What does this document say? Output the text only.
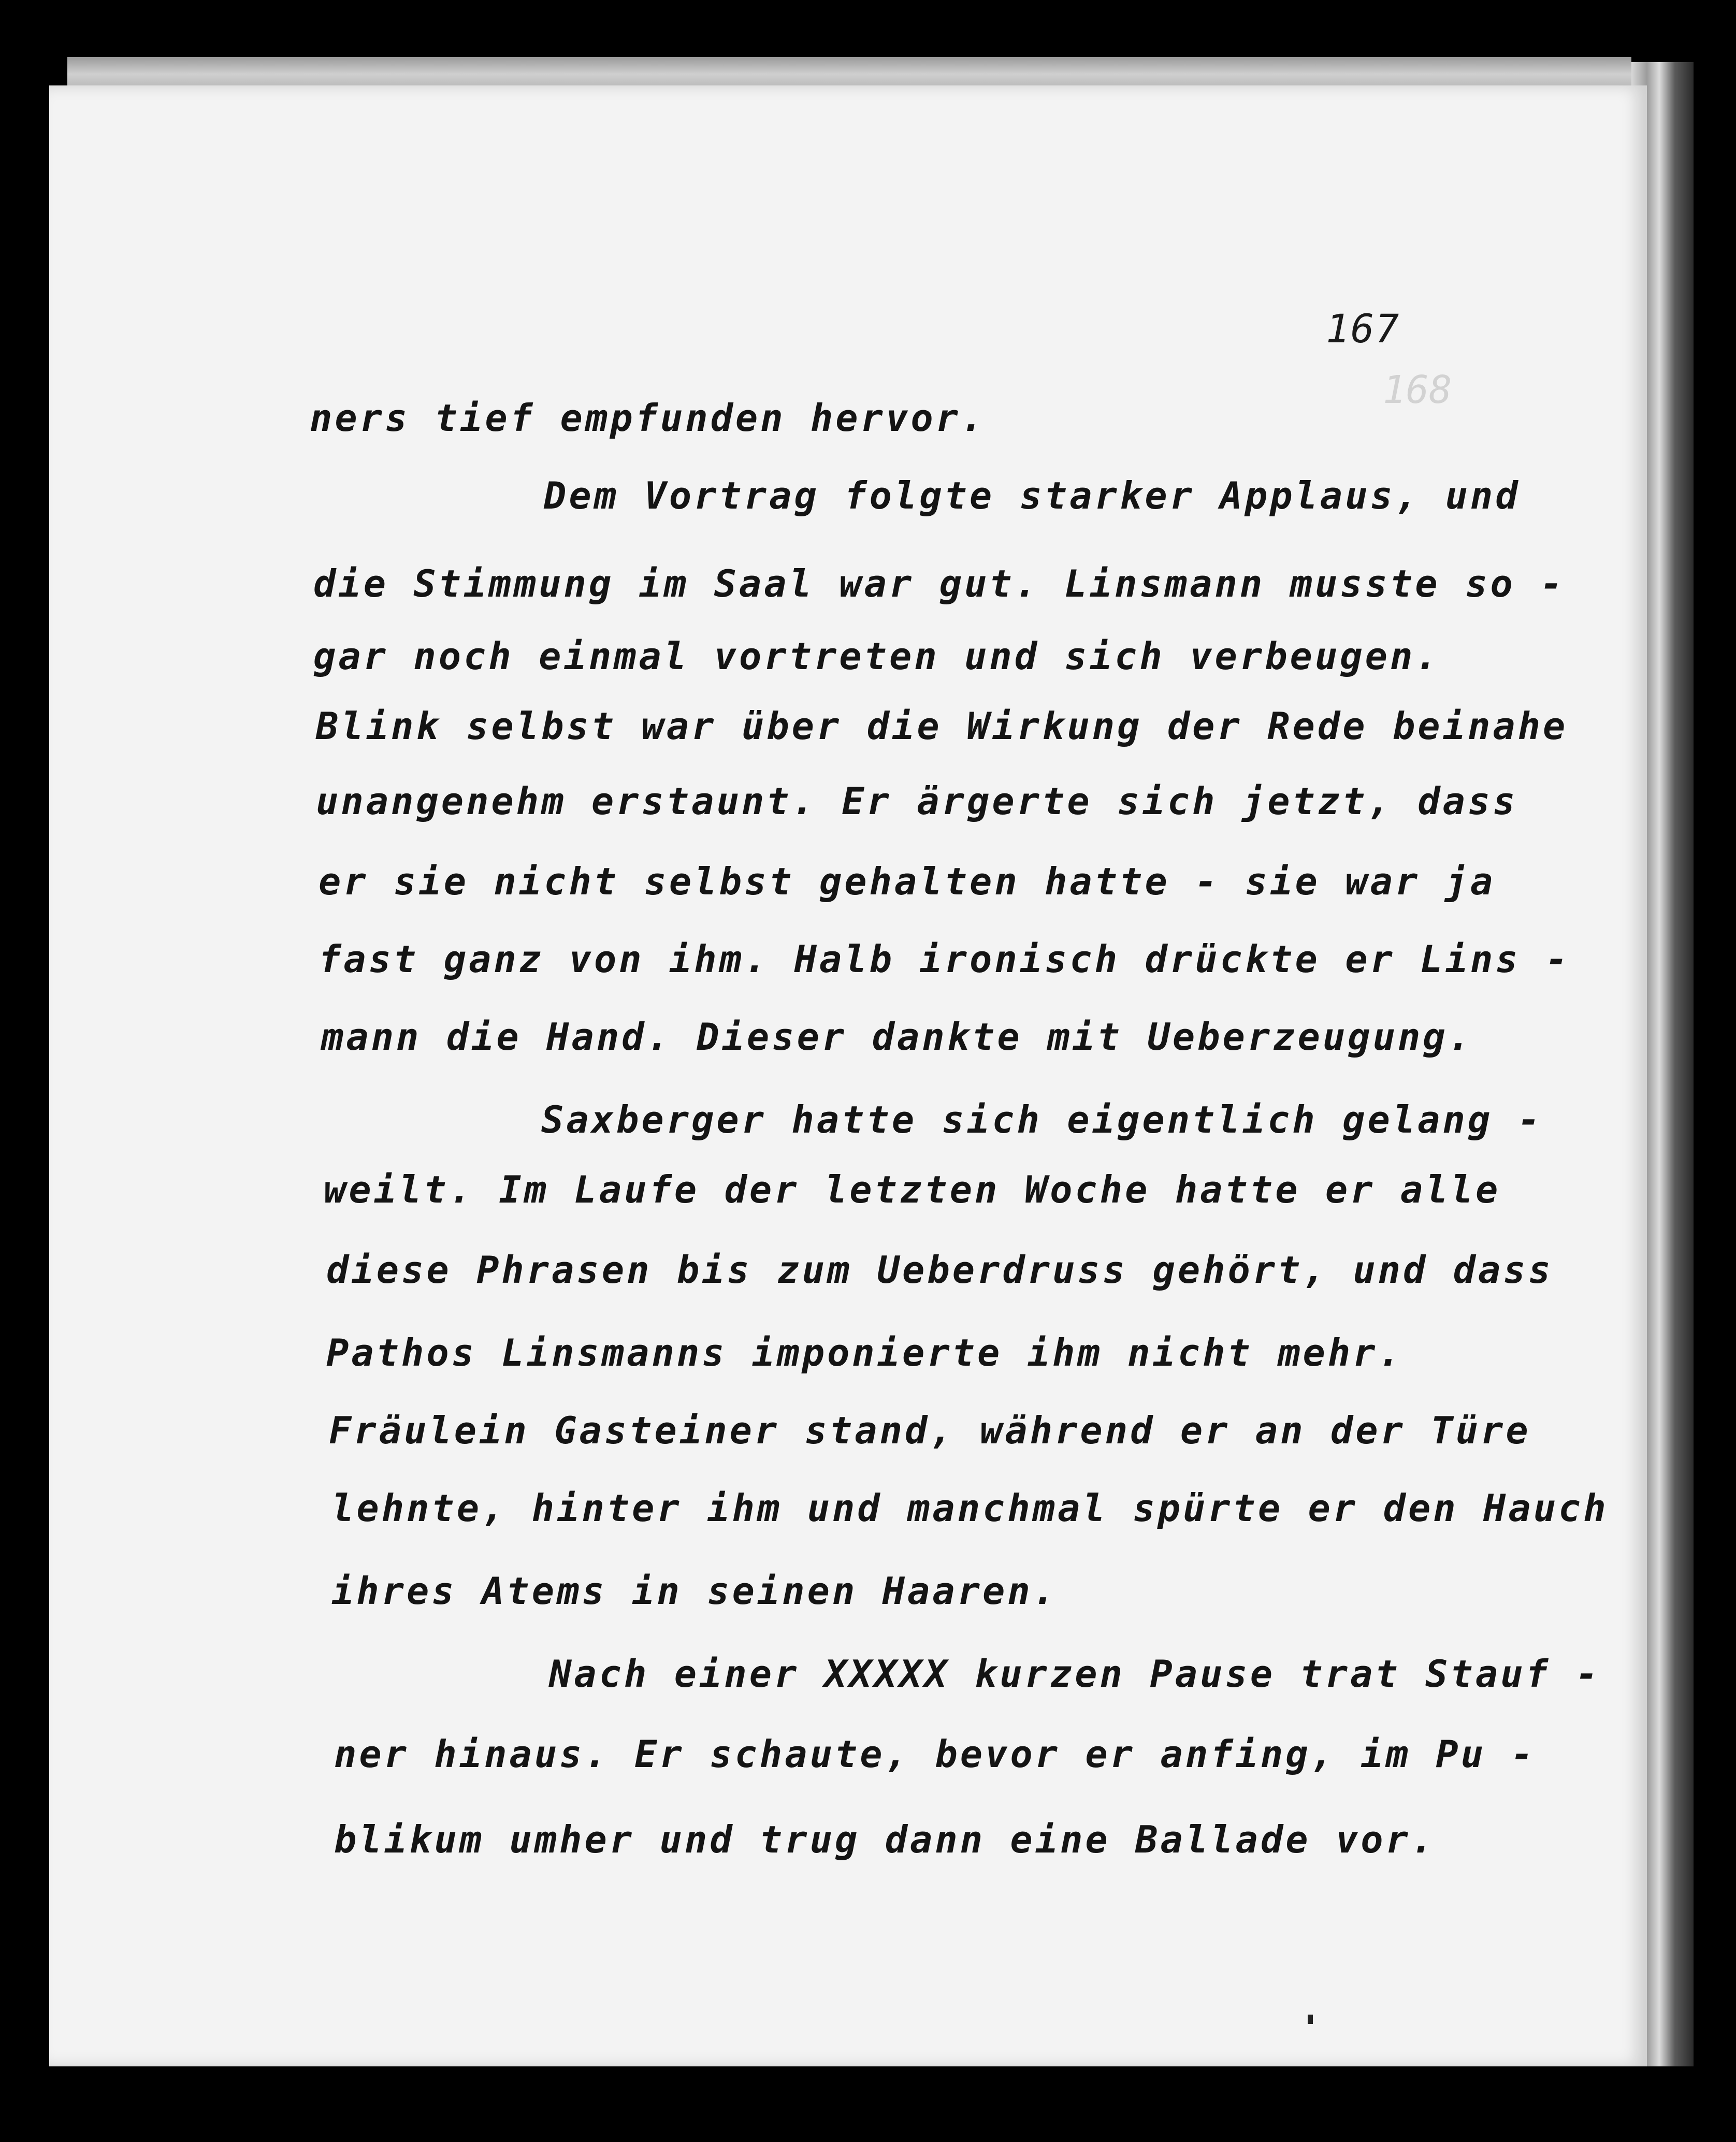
168
167
ners tief empfunden hervor.
Dem Vortrag folgte starker Applaus, und
die Stimmung im Saal war gut. Linsmann musste so -
gar noch einmal vortreten und sich verbeugen.
Blink selbst war über die Wirkung der Rede beinahe
unangenehm erstaunt. Er ärgerte sich jetzt, dass
er sie nicht selbst gehalten hatte - sie war ja
fast ganz von ihm. Halb ironisch drückte er Lins -
mann die Hand. Dieser dankte mit Ueberzeugung.
Saxberger hatte sich eigentlich gelang -
weilt. Im Laufe der letzten Woche hatte er alle
diese Phrasen bis zum Ueberdruss gehört, und dass
Pathos Linsmanns imponierte ihm nicht mehr.
Fräulein Gasteiner stand, während er an der Türe
lehnte, hinter ihm und manchmal spürte er den Hauch
ihres Atems in seinen Haaren.
Nach einer XXXXX kurzen Pause trat Stauf -
ner hinaus. Er schaute, bevor er anfing, im Pu -
blikum umher und trug dann eine Ballade vor.
